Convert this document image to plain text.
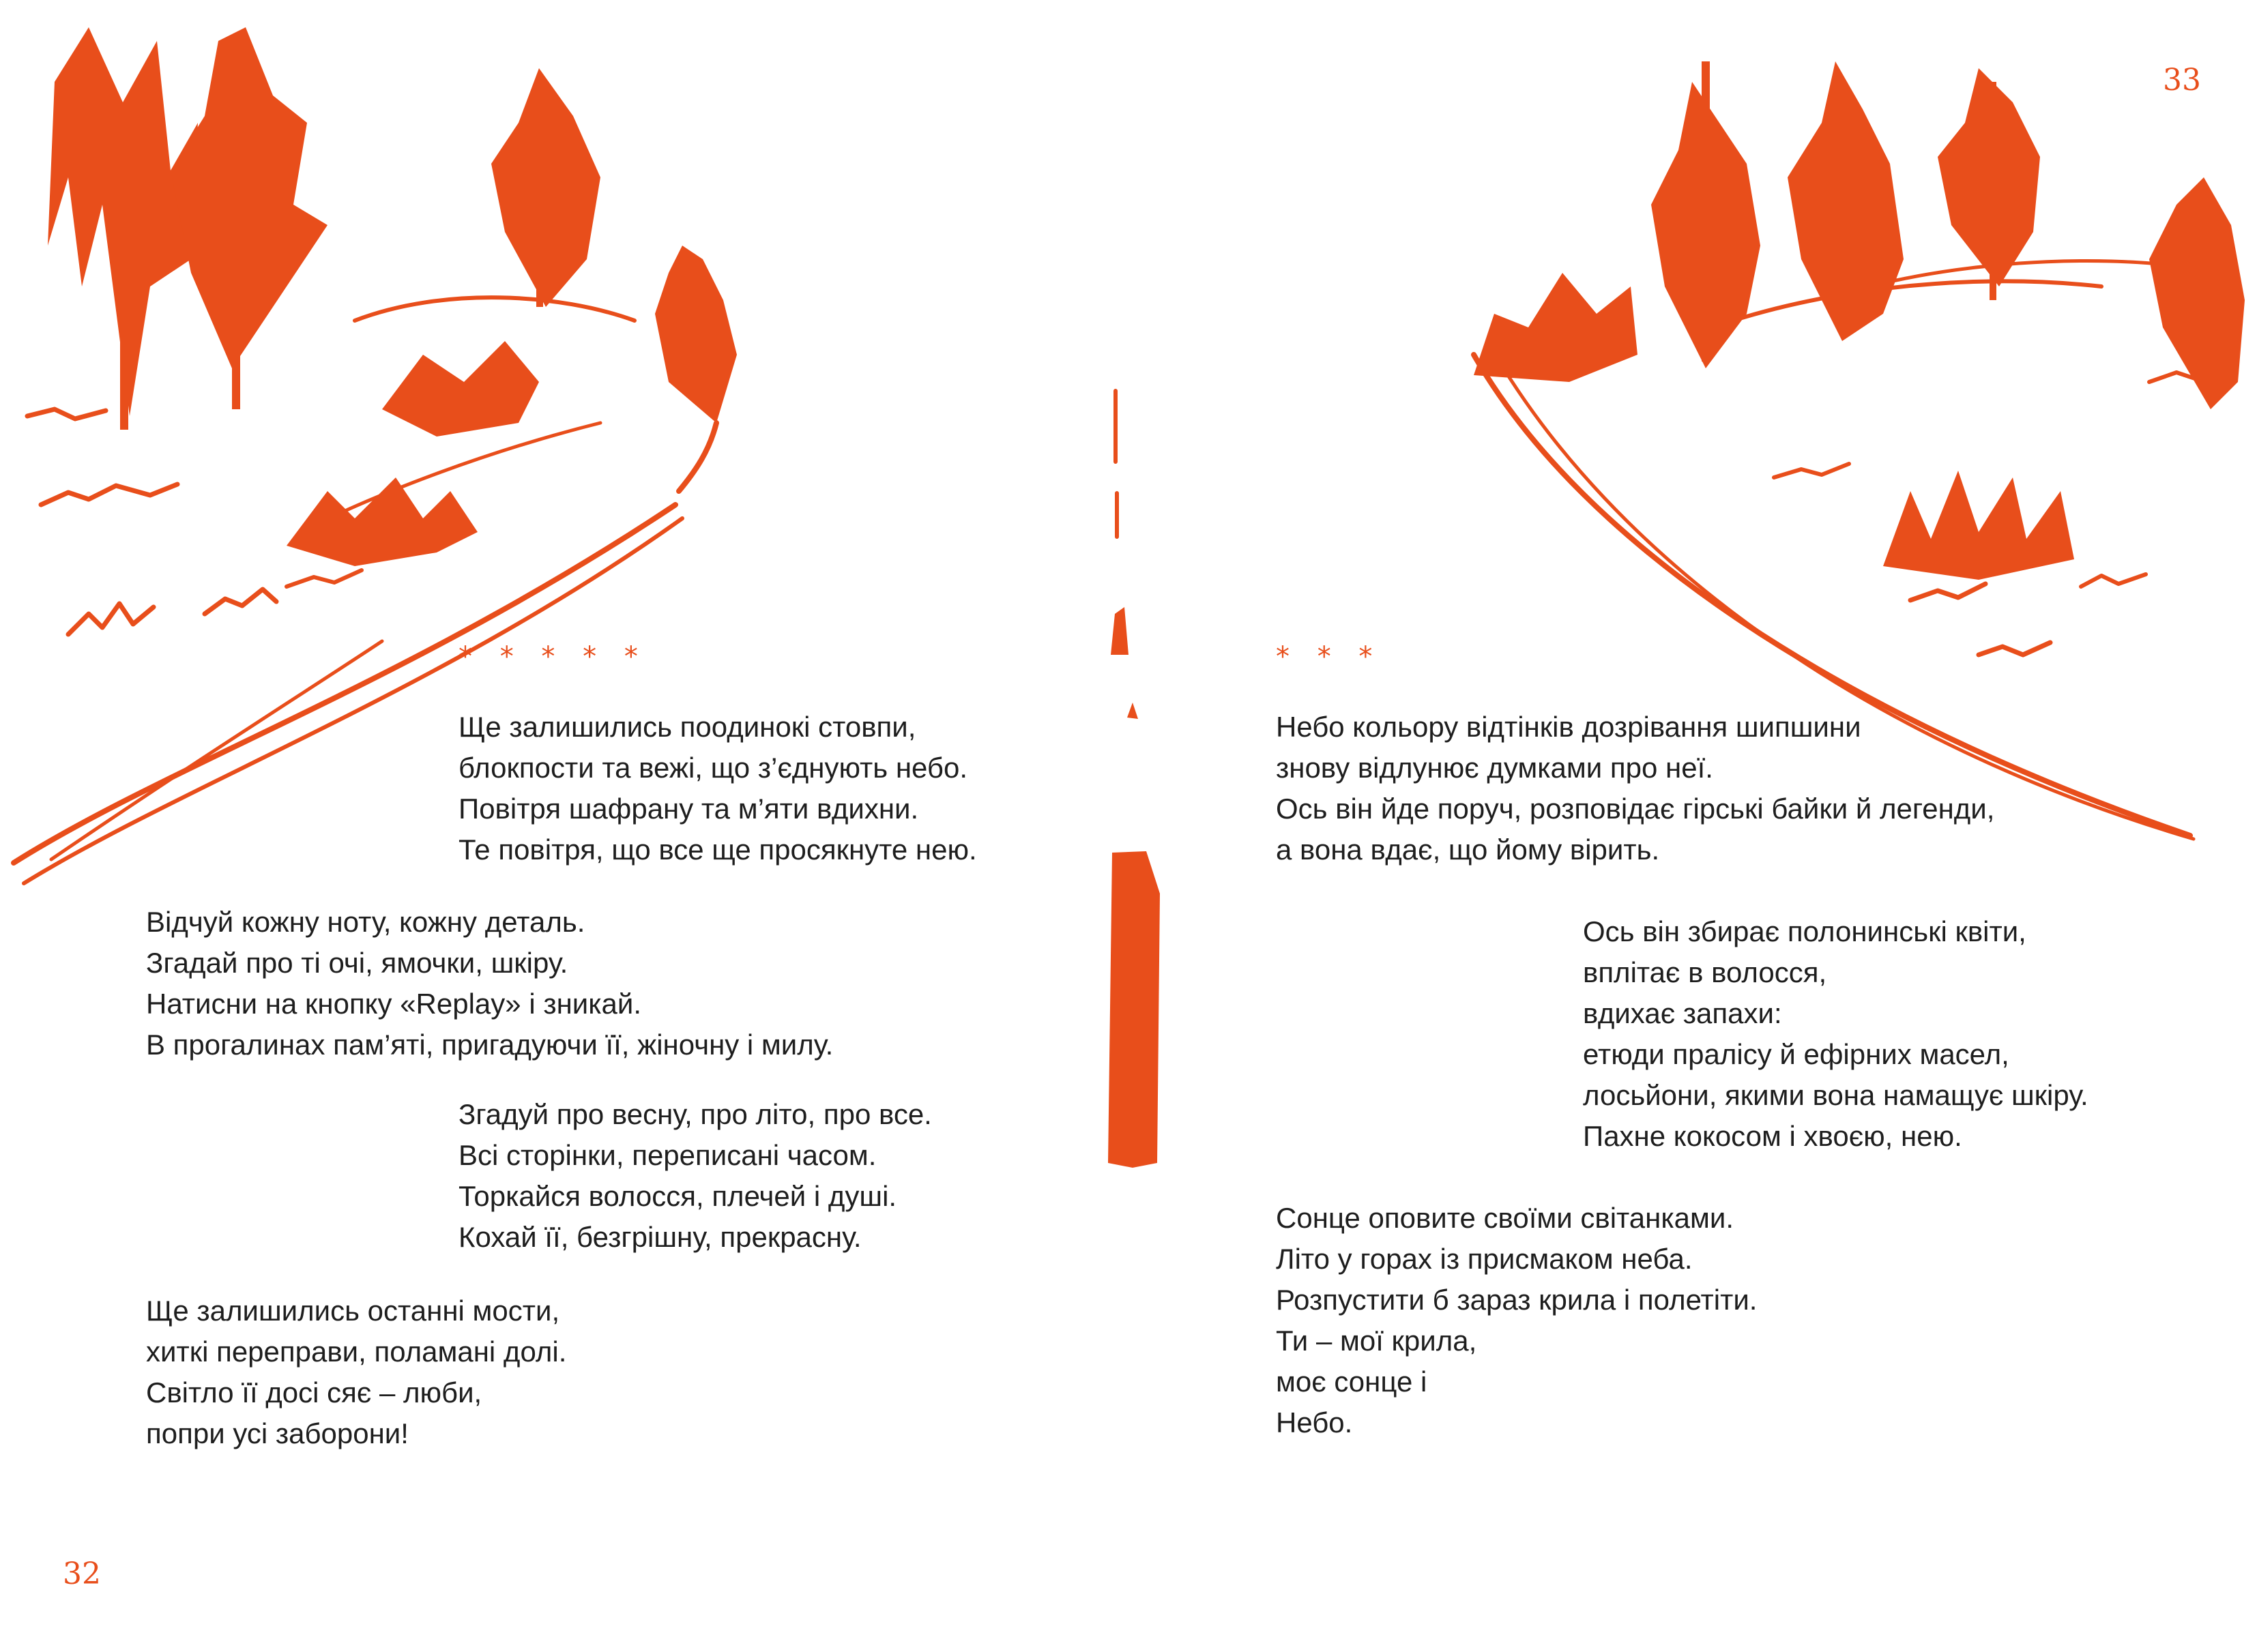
* * * * *
Ще залишились поодинокі стовпи,
блокпости та вежі, що з’єднують небо.
Повітря шафрану та м’яти вдихни.
Те повітря, що все ще просякнуте нею.
Відчуй кожну ноту, кожну деталь.
Згадай про ті очі, ямочки, шкіру.
Натисни на кнопку «Replay» і зникай.
В прогалинах пам’яті, пригадуючи її, жіночну і милу.
Згадуй про весну, про літо, про все.
Всі сторінки, переписані часом.
Торкайся волосся, плечей і душі.
Кохай її, безгрішну, прекрасну.
Ще залишились останні мости,
хиткі переправи, поламані долі.
Світло її досі сяє – люби,
попри усі заборони!
32
* * *
Небо кольору відтінків дозрівання шипшини
знову відлунює думками про неї.
Ось він йде поруч, розповідає гірські байки й легенди,
а вона вдає, що йому вірить.
Ось він збирає полонинські квіти,
вплітає в волосся,
вдихає запахи:
етюди пралісу й ефірних масел,
лосьйони, якими вона намащує шкіру.
Пахне кокосом і хвоєю, нею.
Сонце оповите своїми світанками.
Літо у горах із присмаком неба.
Розпустити б зараз крила і полетіти.
Ти – мої крила,
моє сонце і
Небо.
33
